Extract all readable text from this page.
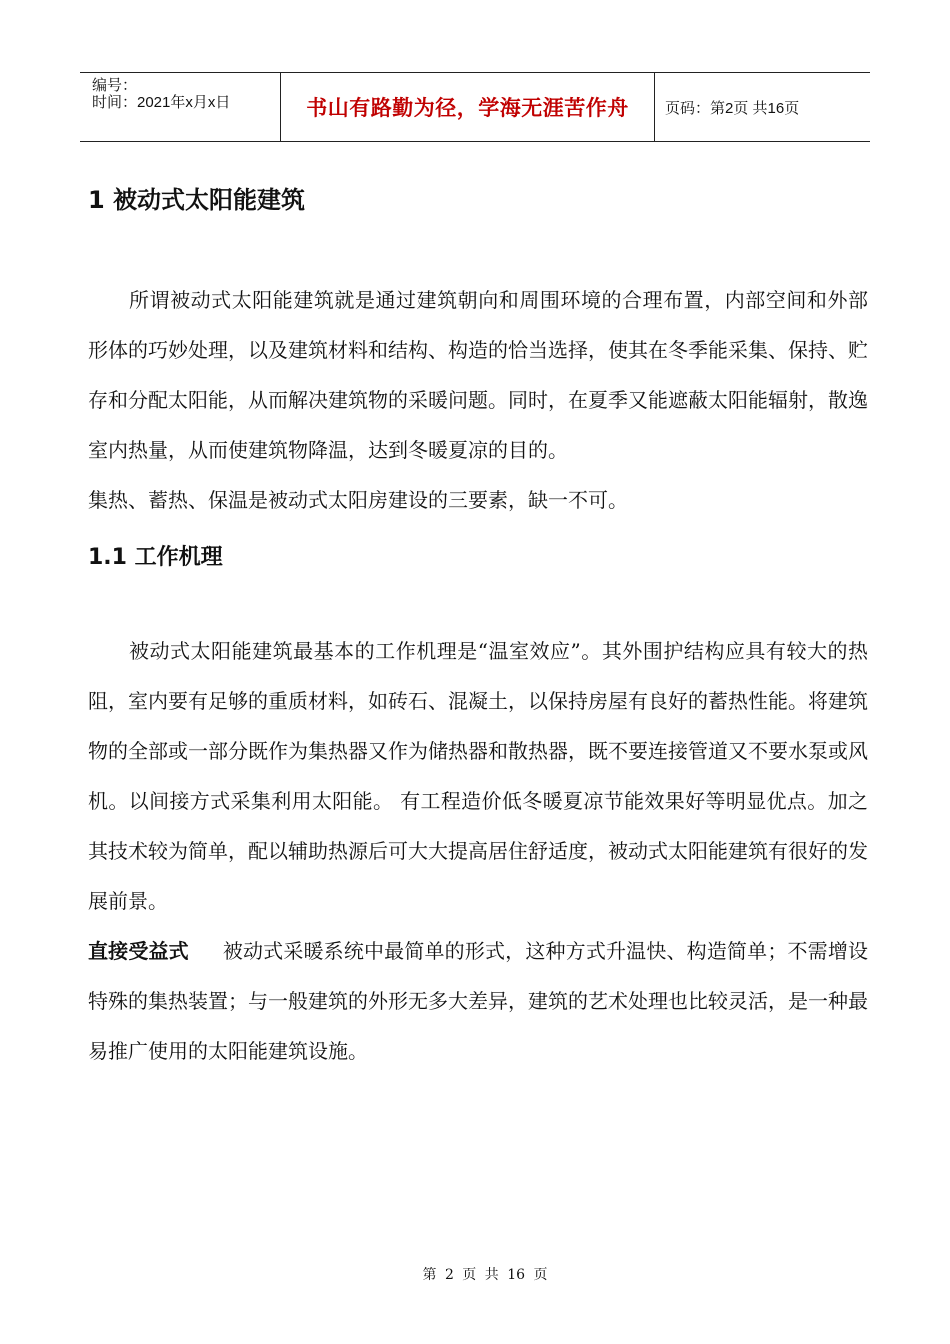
编号：
时间：2021年x月x日	书山有路勤为径，学海无涯苦作舟	页码：第2页 共16页
1 被动式太阳能建筑

所谓被动式太阳能建筑就是通过建筑朝向和周围环境的合理布置，内部空间和外部形体的巧妙处理，以及建筑材料和结构、构造的恰当选择，使其在冬季能采集、保持、贮存和分配太阳能，从而解决建筑物的采暖问题。同时，在夏季又能遮蔽太阳能辐射，散逸室内热量，从而使建筑物降温，达到冬暖夏凉的目的。

集热、蓄热、保温是被动式太阳房建设的三要素，缺一不可。

1.1 工作机理

被动式太阳能建筑最基本的工作机理是“温室效应”。其外围护结构应具有较大的热阻，室内要有足够的重质材料，如砖石、混凝土，以保持房屋有良好的蓄热性能。将建筑物的全部或一部分既作为集热器又作为储热器和散热器，既不要连接管道又不要水泵或风机。以间接方式采集利用太阳能。 有工程造价低冬暖夏凉节能效果好等明显优点。加之其技术较为简单，配以辅助热源后可大大提高居住舒适度，被动式太阳能建筑有很好的发展前景。

直接受益式 被动式采暖系统中最简单的形式，这种方式升温快、构造简单；不需增设特殊的集热装置；与一般建筑的外形无多大差异，建筑的艺术处理也比较灵活，是一种最易推广使用的太阳能建筑设施。

第 2 页 共 16 页
